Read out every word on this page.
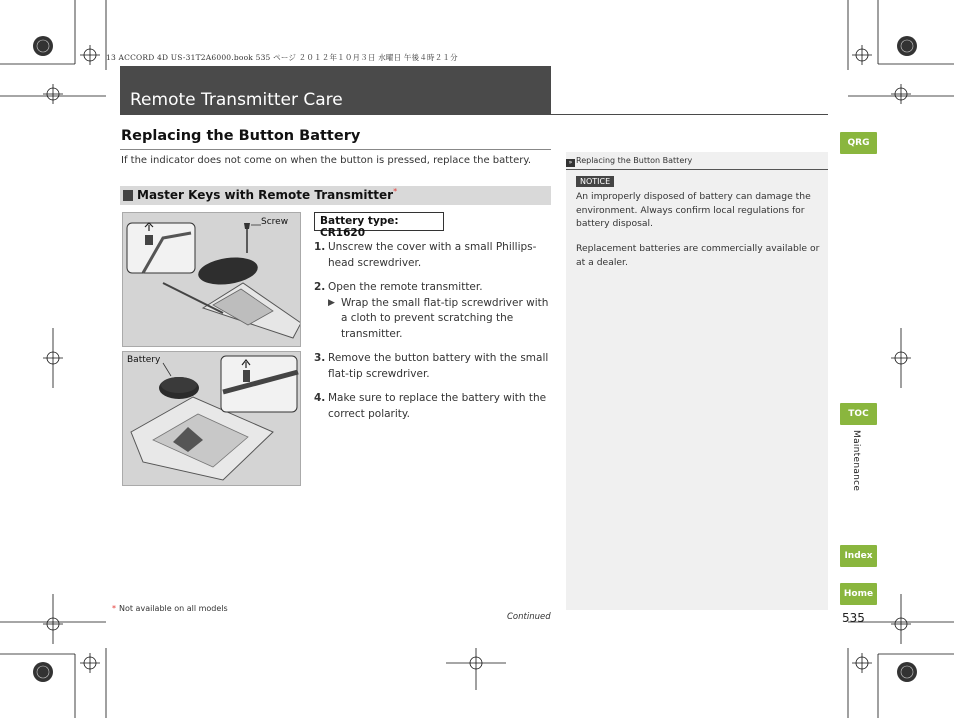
13 ACCORD 4D US-31T2A6000.book 535 ページ ２０１２年１０月３日 水曜日 午後４時２１分
Remote Transmitter Care
Replacing the Button Battery

If the indicator does not come on when the button is pressed, replace the battery.

Master Keys with Remote Transmitter*
Screw
Battery
Battery type: CR1620
1. Unscrew the cover with a small Phillips-head screwdriver.
2. Open the remote transmitter.
▶ Wrap the small flat-tip screwdriver with a cloth to prevent scratching the transmitter.
3. Remove the button battery with the small flat-tip screwdriver.
4. Make sure to replace the battery with the correct polarity.
» Replacing the Button Battery
NOTICE

An improperly disposed of battery can damage the environment. Always confirm local regulations for battery disposal.

Replacement batteries are commercially available or at a dealer.

QRG
TOC
Maintenance
Index
Home
535
* Not available on all models
Continued
